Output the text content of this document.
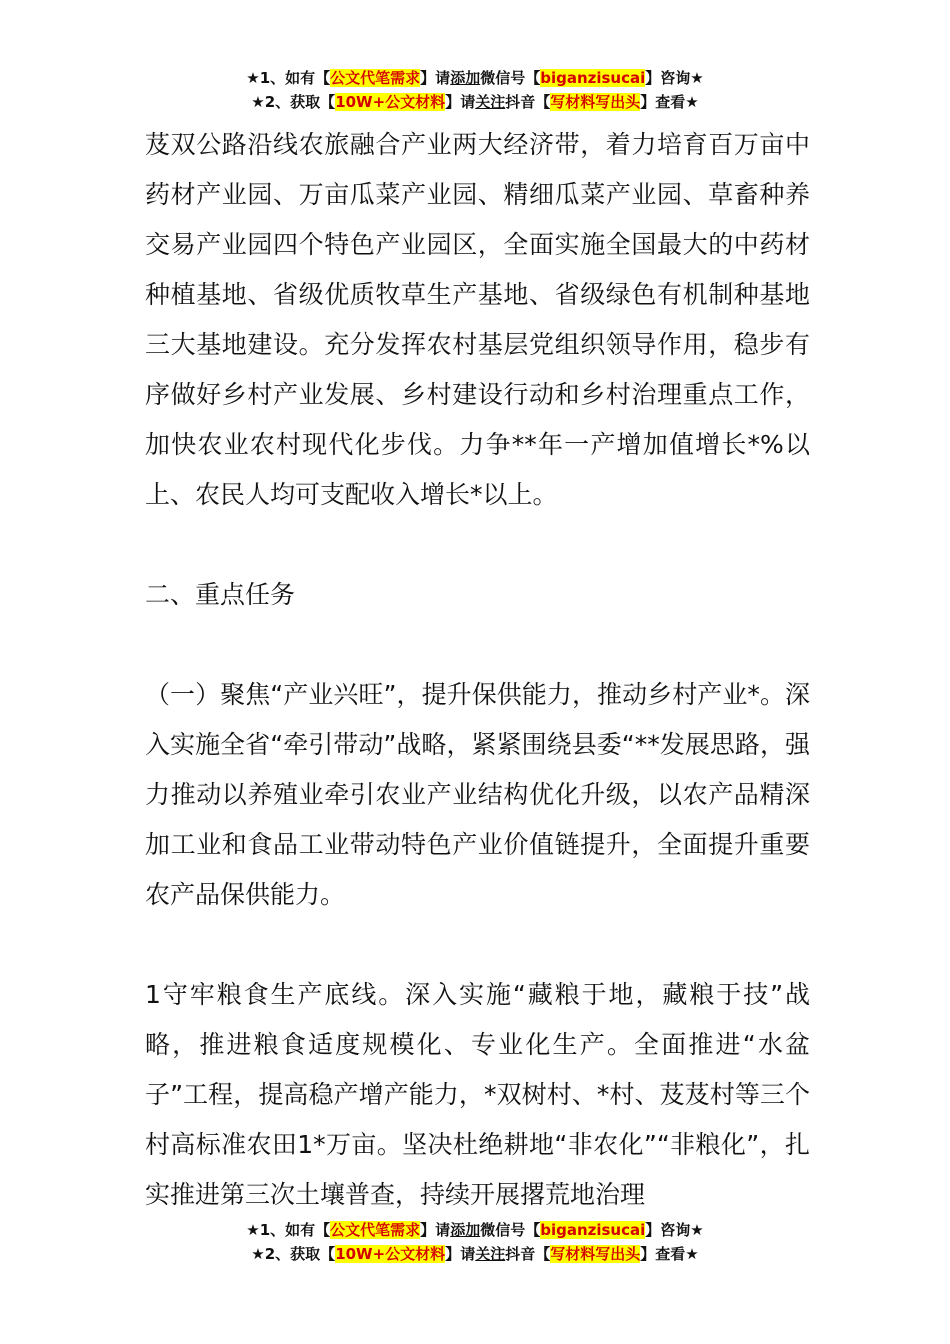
★1、如有【公文代笔需求】请添加微信号【biganzisucai】咨询★
★2、获取【10W+公文材料】请关注抖音【写材料写出头】查看★

芨双公路沿线农旅融合产业两大经济带，着力培育百万亩中药材产业园、万亩瓜菜产业园、精细瓜菜产业园、草畜种养交易产业园四个特色产业园区，全面实施全国最大的中药材种植基地、省级优质牧草生产基地、省级绿色有机制种基地三大基地建设。充分发挥农村基层党组织领导作用，稳步有序做好乡村产业发展、乡村建设行动和乡村治理重点工作，加快农业农村现代化步伐。力争**年一产增加值增长*%以上、农民人均可支配收入增长*以上。

二、重点任务

（一）聚焦“产业兴旺”，提升保供能力，推动乡村产业*。深入实施全省“牵引带动”战略，紧紧围绕县委“**发展思路，强力推动以养殖业牵引农业产业结构优化升级，以农产品精深加工业和食品工业带动特色产业价值链提升，全面提升重要农产品保供能力。

1守牢粮食生产底线。深入实施“藏粮于地，藏粮于技”战略，推进粮食适度规模化、专业化生产。全面推进“水盆子”工程，提高稳产增产能力，*双树村、*村、芨芨村等三个村高标准农田1*万亩。坚决杜绝耕地“非农化”“非粮化”，扎实推进第三次土壤普查，持续开展撂荒地治理

★1、如有【公文代笔需求】请添加微信号【biganzisucai】咨询★
★2、获取【10W+公文材料】请关注抖音【写材料写出头】查看★
